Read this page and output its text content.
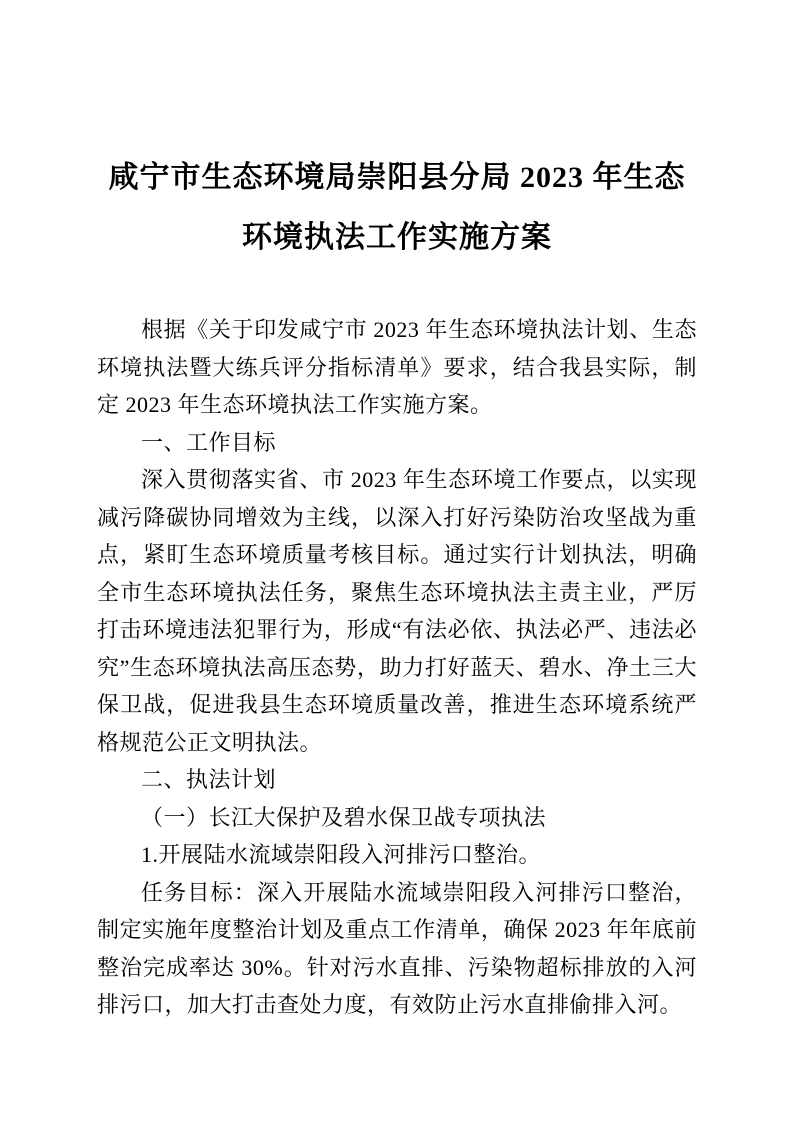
咸宁市生态环境局崇阳县分局 2023 年生态
环境执法工作实施方案

根据《关于印发咸宁市 2023 年生态环境执法计划、生态环境执法暨大练兵评分指标清单》要求，结合我县实际，制定 2023 年生态环境执法工作实施方案。

一、工作目标

深入贯彻落实省、市 2023 年生态环境工作要点，以实现减污降碳协同增效为主线，以深入打好污染防治攻坚战为重点，紧盯生态环境质量考核目标。通过实行计划执法，明确全市生态环境执法任务，聚焦生态环境执法主责主业，严厉打击环境违法犯罪行为，形成“有法必依、执法必严、违法必究”生态环境执法高压态势，助力打好蓝天、碧水、净土三大保卫战，促进我县生态环境质量改善，推进生态环境系统严格规范公正文明执法。

二、执法计划

（一）长江大保护及碧水保卫战专项执法

1.开展陆水流域崇阳段入河排污口整治。

任务目标：深入开展陆水流域崇阳段入河排污口整治，制定实施年度整治计划及重点工作清单，确保 2023 年年底前整治完成率达 30%。针对污水直排、污染物超标排放的入河排污口，加大打击查处力度，有效防止污水直排偷排入河。
